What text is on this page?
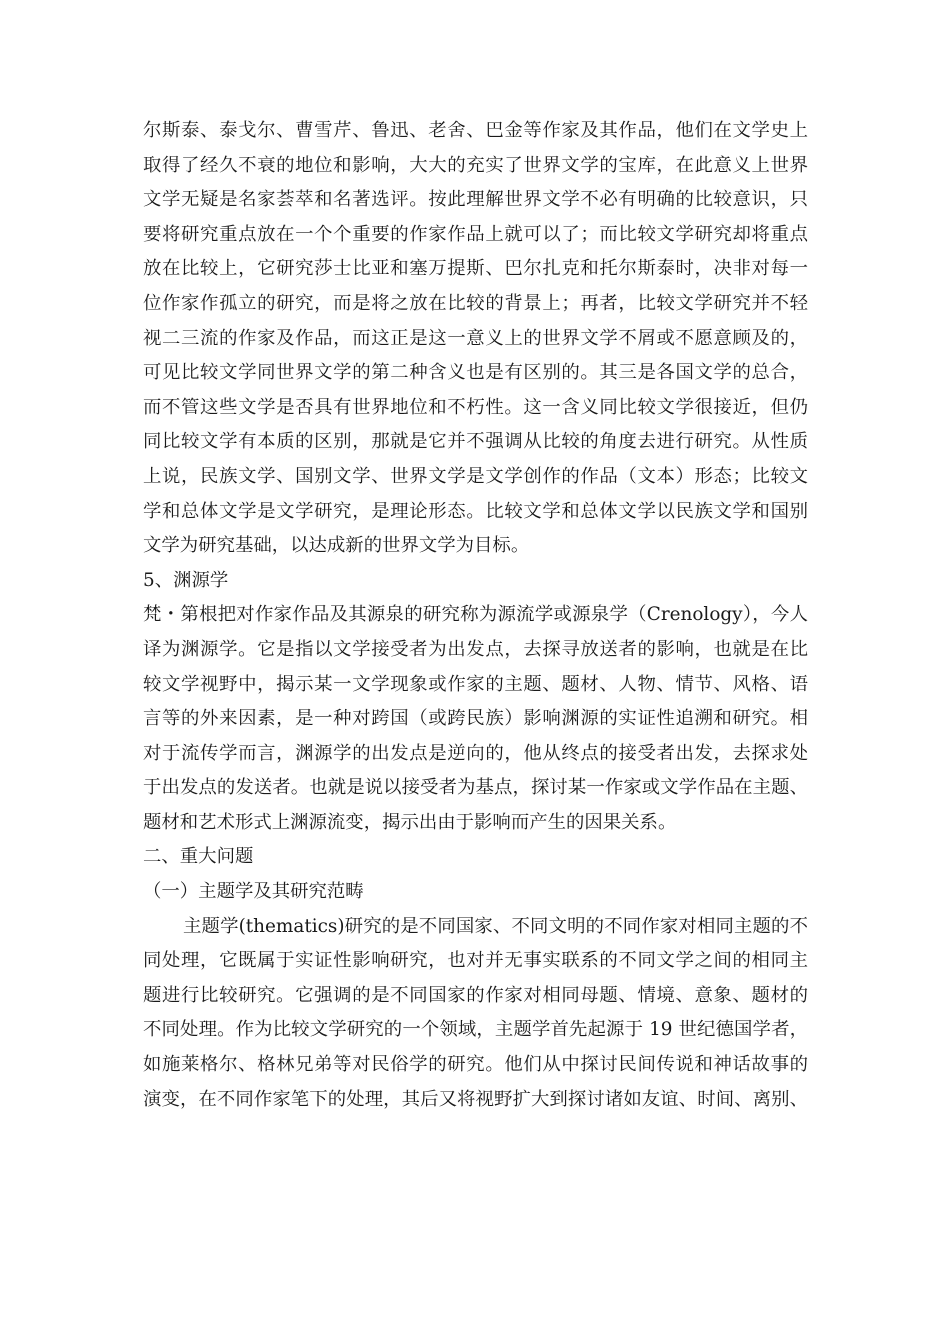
尔斯泰、泰戈尔、曹雪芹、鲁迅、老舍、巴金等作家及其作品，他们在文学史上
取得了经久不衰的地位和影响，大大的充实了世界文学的宝库，在此意义上世界
文学无疑是名家荟萃和名著选评。按此理解世界文学不必有明确的比较意识，只
要将研究重点放在一个个重要的作家作品上就可以了；而比较文学研究却将重点
放在比较上，它研究莎士比亚和塞万提斯、巴尔扎克和托尔斯泰时，决非对每一
位作家作孤立的研究，而是将之放在比较的背景上；再者，比较文学研究并不轻
视二三流的作家及作品，而这正是这一意义上的世界文学不屑或不愿意顾及的，
可见比较文学同世界文学的第二种含义也是有区别的。其三是各国文学的总合，
而不管这些文学是否具有世界地位和不朽性。这一含义同比较文学很接近，但仍
同比较文学有本质的区别，那就是它并不强调从比较的角度去进行研究。从性质
上说，民族文学、国别文学、世界文学是文学创作的作品（文本）形态；比较文
学和总体文学是文学研究，是理论形态。比较文学和总体文学以民族文学和国别
文学为研究基础，以达成新的世界文学为目标。
5、渊源学
梵・第根把对作家作品及其源泉的研究称为源流学或源泉学（Crenology），今人
译为渊源学。它是指以文学接受者为出发点，去探寻放送者的影响，也就是在比
较文学视野中，揭示某一文学现象或作家的主题、题材、人物、情节、风格、语
言等的外来因素，是一种对跨国（或跨民族）影响渊源的实证性追溯和研究。相
对于流传学而言，渊源学的出发点是逆向的，他从终点的接受者出发，去探求处
于出发点的发送者。也就是说以接受者为基点，探讨某一作家或文学作品在主题、
题材和艺术形式上渊源流变，揭示出由于影响而产生的因果关系。
二、重大问题
（一）主题学及其研究范畴
主题学(thematics)研究的是不同国家、不同文明的不同作家对相同主题的不
同处理，它既属于实证性影响研究，也对并无事实联系的不同文学之间的相同主
题进行比较研究。它强调的是不同国家的作家对相同母题、情境、意象、题材的
不同处理。作为比较文学研究的一个领域，主题学首先起源于 19 世纪德国学者，
如施莱格尔、格林兄弟等对民俗学的研究。他们从中探讨民间传说和神话故事的
演变，在不同作家笔下的处理，其后又将视野扩大到探讨诸如友谊、时间、离别、
